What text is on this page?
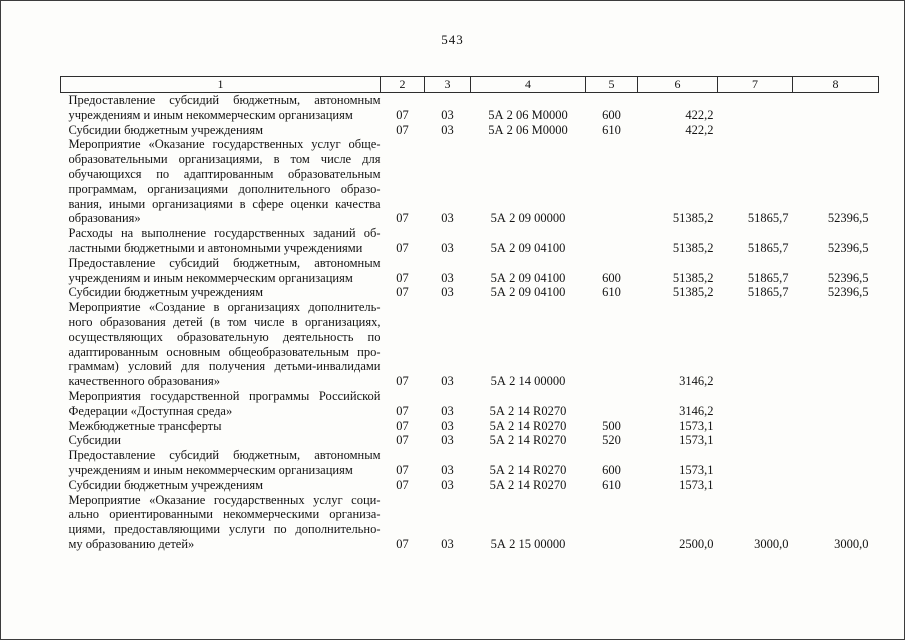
543
1	2	3	4	5	6	7	8

Предоставление субсидий бюджетным, автономным
учреждениям и иным некоммерческим организациям	07	03	5А 2 06 М0000	600	422,2		

Субсидии бюджетным учреждениям	07	03	5А 2 06 М0000	610	422,2		

Мероприятие «Оказание государственных услуг обще-
образовательными организациями, в том числе для
обучающихся по адаптированным образовательным
программам, организациями дополнительного образо-
вания, иными организациями в сфере оценки качества
образования»	07	03	5А 2 09 00000		51385,2	51865,7	52396,5

Расходы на выполнение государственных заданий об-
ластными бюджетными и автономными учреждениями	07	03	5А 2 09 04100		51385,2	51865,7	52396,5

Предоставление субсидий бюджетным, автономным
учреждениям и иным некоммерческим организациям	07	03	5А 2 09 04100	600	51385,2	51865,7	52396,5

Субсидии бюджетным учреждениям	07	03	5А 2 09 04100	610	51385,2	51865,7	52396,5

Мероприятие «Создание в организациях дополнитель-
ного образования детей (в том числе в организациях,
осуществляющих образовательную деятельность по
адаптированным основным общеобразовательным про-
граммам) условий для получения детьми-инвалидами
качественного образования»	07	03	5А 2 14 00000		3146,2		

Мероприятия государственной программы Российской
Федерации «Доступная среда»	07	03	5А 2 14 R0270		3146,2		

Межбюджетные трансферты	07	03	5А 2 14 R0270	500	1573,1		

Субсидии	07	03	5А 2 14 R0270	520	1573,1		

Предоставление субсидий бюджетным, автономным
учреждениям и иным некоммерческим организациям	07	03	5А 2 14 R0270	600	1573,1		

Субсидии бюджетным учреждениям	07	03	5А 2 14 R0270	610	1573,1		

Мероприятие «Оказание государственных услуг соци-
ально ориентированными некоммерческими организа-
циями, предоставляющими услуги по дополнительно-
му образованию детей»	07	03	5А 2 15 00000		2500,0	3000,0	3000,0
